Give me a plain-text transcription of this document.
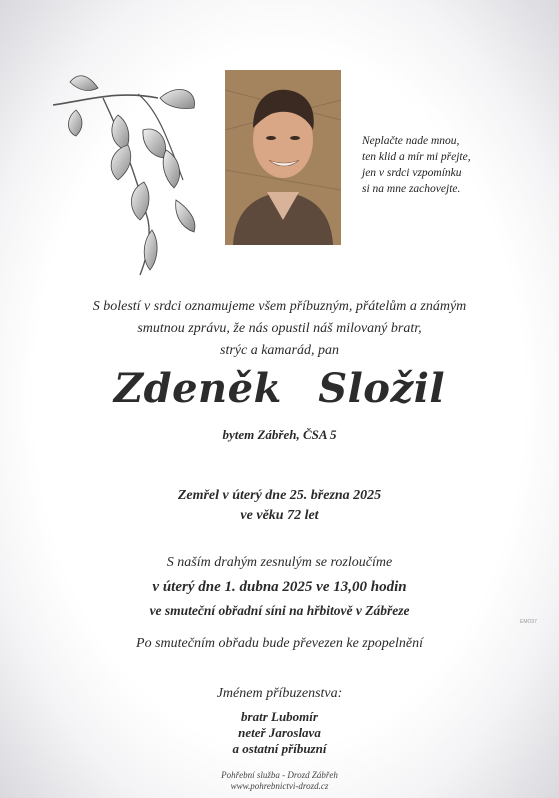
Neplačte nade mnou,
ten klid a mír mi přejte,
jen v srdci vzpomínku
si na mne zachovejte.
S bolestí v srdci oznamujeme všem příbuzným, přátelům a známým
smutnou zprávu, že nás opustil náš milovaný bratr,
strýc a kamarád, pan
Zdeněk Složil
bytem Zábřeh, ČSA 5
Zemřel v úterý dne 25. března 2025
ve věku 72 let
S naším drahým zesnulým se rozloučíme
v úterý dne 1. dubna 2025 ve 13,00 hodin
ve smuteční obřadní síni na hřbitově v Zábřeze
Po smutečním obřadu bude převezen ke zpopelnění
Jménem příbuzenstva:
bratr Lubomír
neteř Jaroslava
a ostatní příbuzní
Pohřební služba - Drozd Zábřeh
www.pohrebnictvi-drozd.cz
EMO37
